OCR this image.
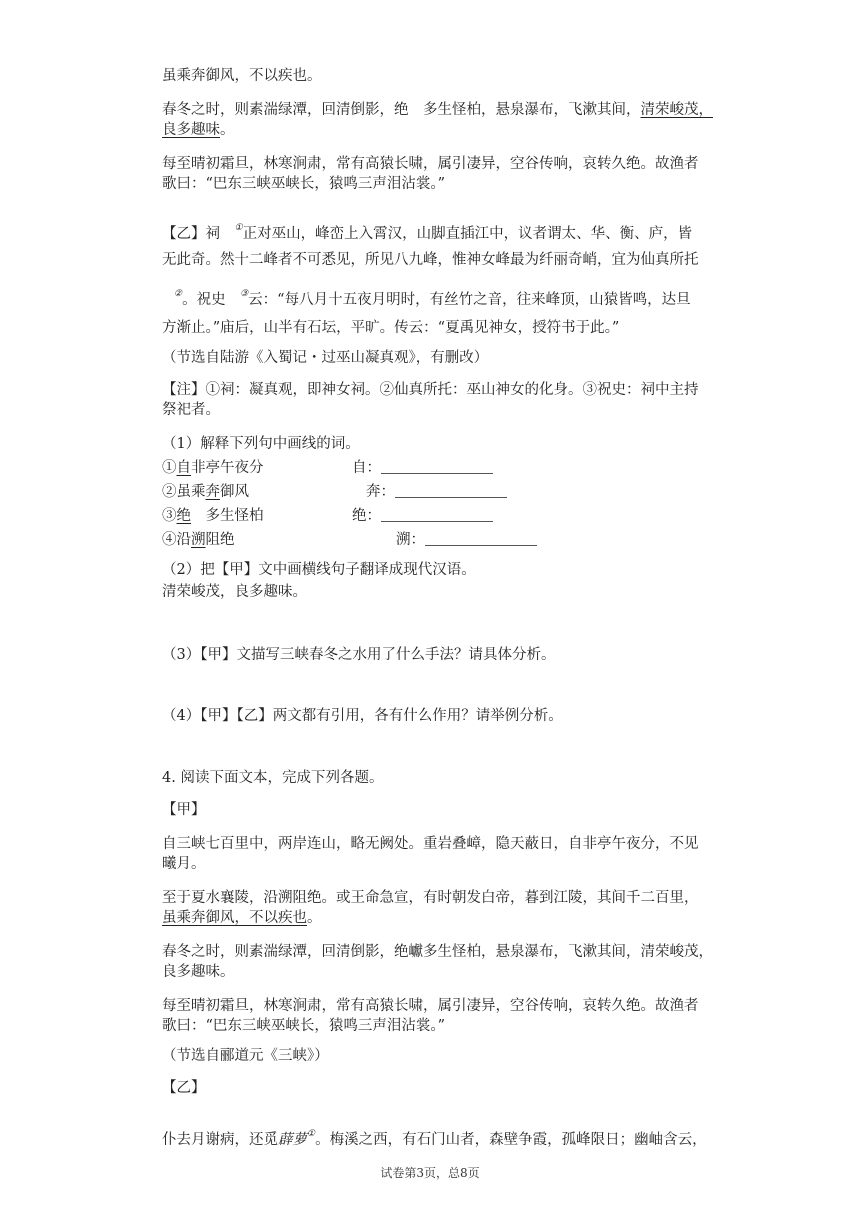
虽乘奔御风，不以疾也。
春冬之时，则素湍绿潭，回清倒影，绝　多生怪柏，悬泉瀑布，飞漱其间，清荣峻茂，
良多趣味。
每至晴初霜旦，林寒涧肃，常有高猿长啸，属引凄异，空谷传响，哀转久绝。故渔者
歌曰：“巴东三峡巫峡长，猿鸣三声泪沾裳。”
【乙】祠　①正对巫山，峰峦上入霄汉，山脚直插江中，议者谓太、华、衡、庐，皆
无此奇。然十二峰者不可悉见，所见八九峰，惟神女峰最为纤丽奇峭，宜为仙真所托
②。祝史　③云：“每八月十五夜月明时，有丝竹之音，往来峰顶，山猿皆鸣，达旦
方渐止。”庙后，山半有石坛，平旷。传云：“夏禹见神女，授符书于此。”
（节选自陆游《入蜀记・过巫山凝真观》，有删改）
【注】①祠：凝真观，即神女祠。②仙真所托：巫山神女的化身。③祝史：祠中主持
祭祀者。
（1）解释下列句中画线的词。
①自非亭午夜分	自：
②虽乘奔御风	奔：
③绝　多生怪柏	绝：
④沿溯阻绝	溯：
（2）把【甲】文中画横线句子翻译成现代汉语。
清荣峻茂，良多趣味。
（3）【甲】文描写三峡春冬之水用了什么手法？请具体分析。
（4）【甲】【乙】两文都有引用，各有什么作用？请举例分析。
4. 阅读下面文本，完成下列各题。
【甲】
自三峡七百里中，两岸连山，略无阙处。重岩叠嶂，隐天蔽日，自非亭午夜分，不见
曦月。
至于夏水襄陵，沿溯阻绝。或王命急宣，有时朝发白帝，暮到江陵，其间千二百里，
虽乘奔御风，不以疾也。
春冬之时，则素湍绿潭，回清倒影，绝巘多生怪柏，悬泉瀑布，飞漱其间，清荣峻茂，
良多趣味。
每至晴初霜旦，林寒涧肃，常有高猿长啸，属引凄异，空谷传响，哀转久绝。故渔者
歌曰：“巴东三峡巫峡长，猿鸣三声泪沾裳。”
（节选自郦道元《三峡》）
【乙】
仆去月谢病，还觅薜萝①。梅溪之西，有石门山者，森壁争霞，孤峰限日；幽岫含云，
试卷第3页，总8页
